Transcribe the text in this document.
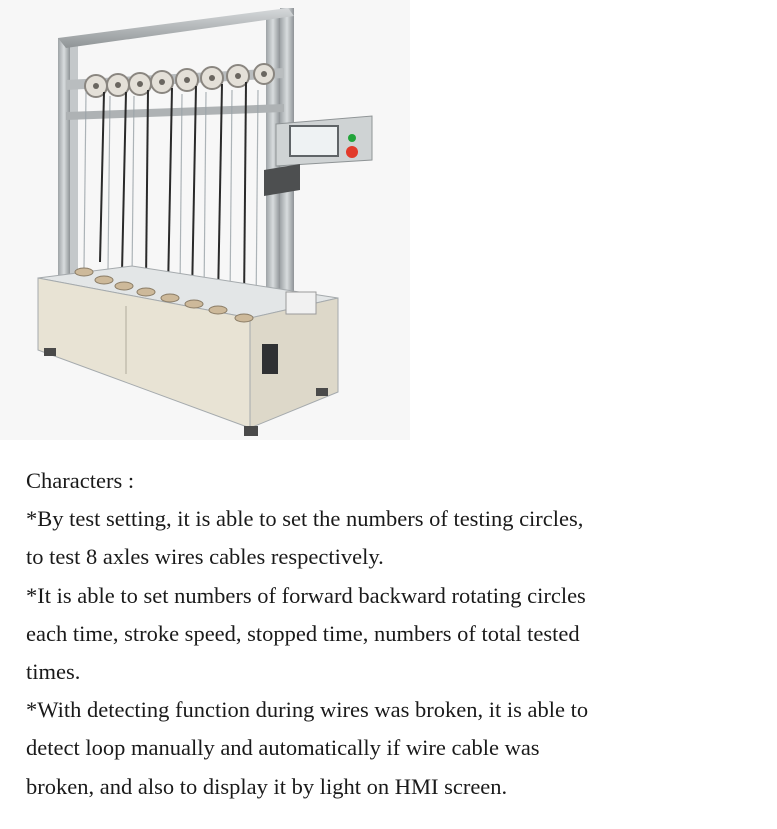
Characters :

*By test setting, it is able to set the numbers of testing circles,

to test 8 axles wires cables respectively.

*It is able to set numbers of forward backward rotating circles

each time, stroke speed, stopped time, numbers of total tested

times.

*With detecting function during wires was broken, it is able to

detect loop manually and automatically if wire cable was

broken, and also to display it by light on HMI screen.
